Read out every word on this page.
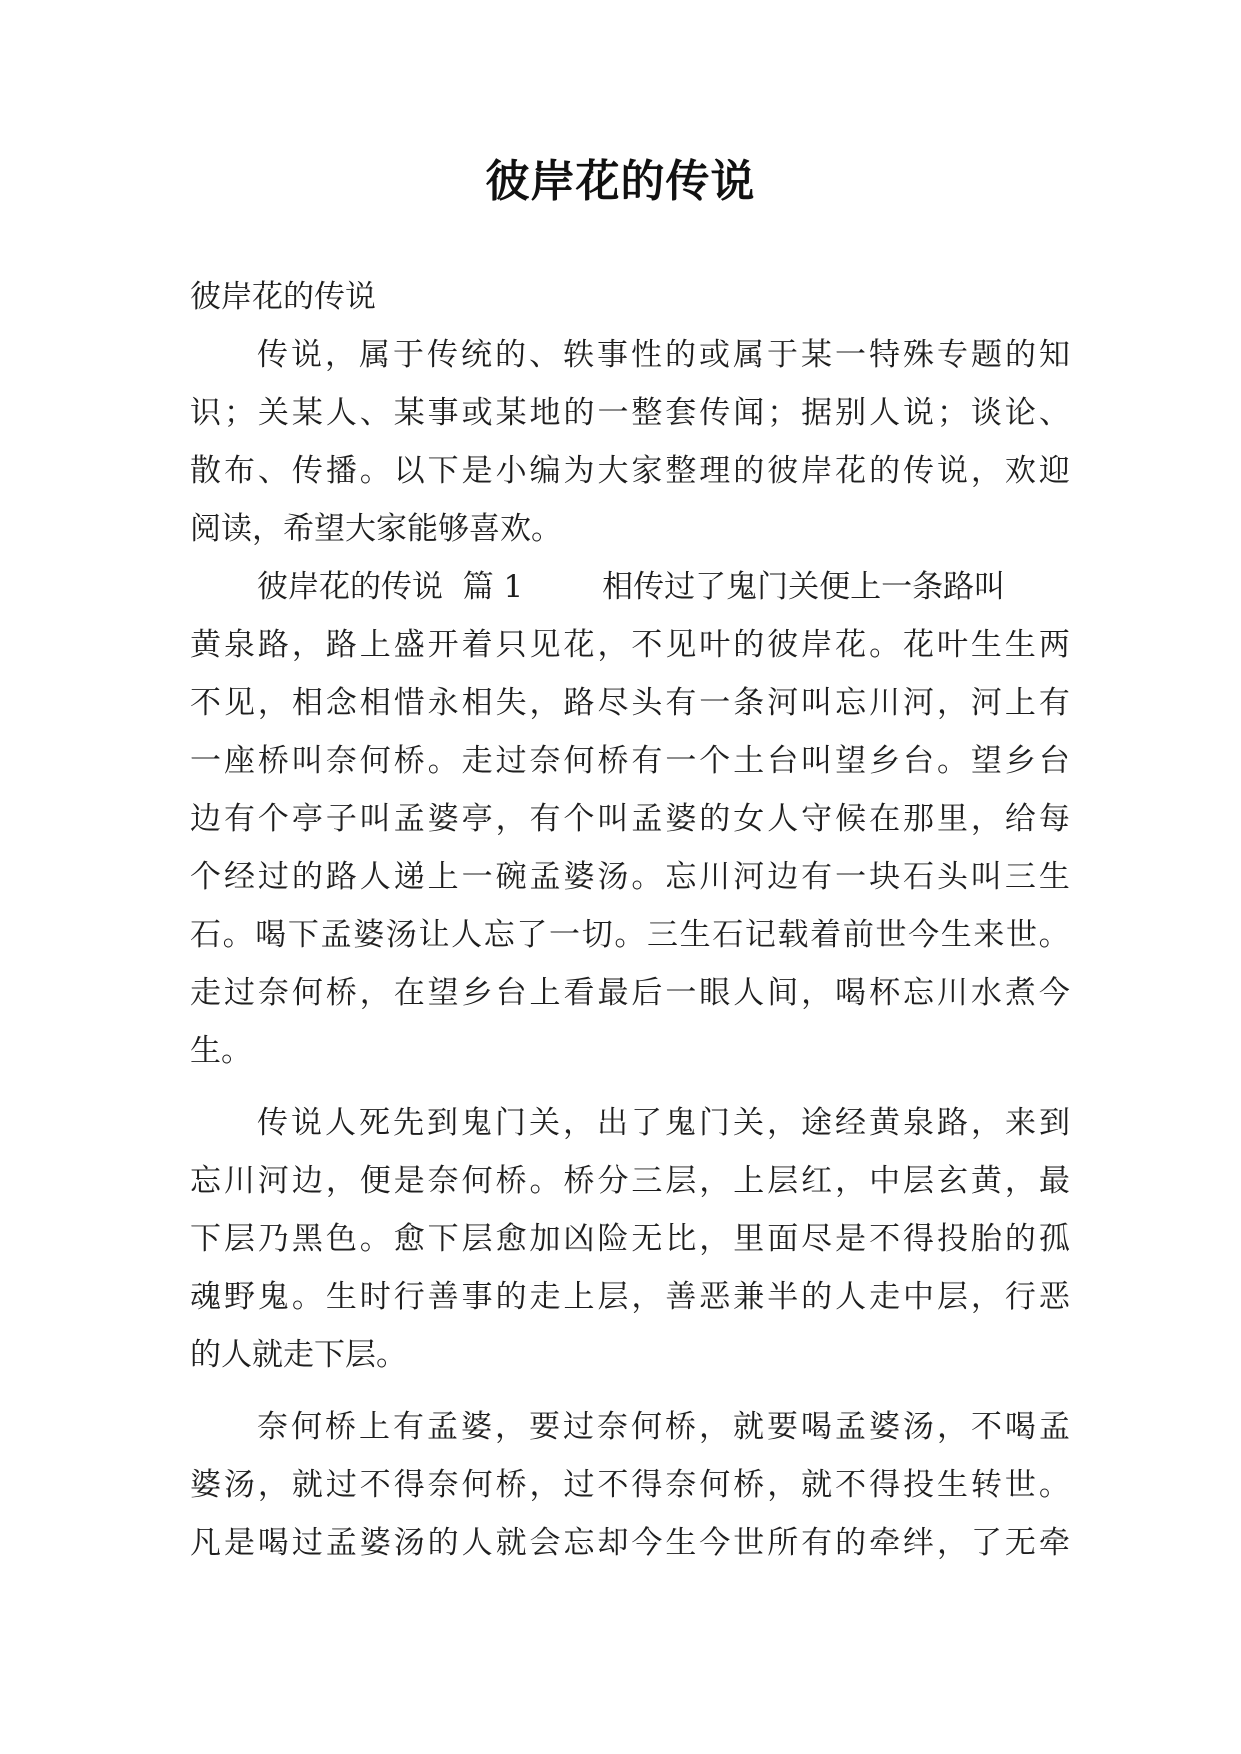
彼岸花的传说
彼岸花的传说
传 说 ， 属 于 传 统 的 、 轶 事 性 的 或 属 于 某 一 特 殊 专 题 的 知
识 ； 关 某 人 、 某 事 或 某 地 的 一 整 套 传 闻 ； 据 别 人 说 ； 谈 论 、
散 布 、 传 播 。 以 下 是 小 编 为 大 家 整 理 的 彼 岸 花 的 传 说 ， 欢 迎
阅读，希望大家能够喜欢。
彼岸花的传说  篇 1        相传过了鬼门关便上一条路叫
黄 泉 路 ， 路 上 盛 开 着 只 见 花 ， 不 见 叶 的 彼 岸 花 。 花 叶 生 生 两
不 见 ， 相 念 相 惜 永 相 失 ， 路 尽 头 有 一 条 河 叫 忘 川 河 ， 河 上 有
一 座 桥 叫 奈 何 桥 。 走 过 奈 何 桥 有 一 个 土 台 叫 望 乡 台 。 望 乡 台
边 有 个 亭 子 叫 孟 婆 亭 ， 有 个 叫 孟 婆 的 女 人 守 候 在 那 里 ， 给 每
个 经 过 的 路 人 递 上 一 碗 孟 婆 汤 。 忘 川 河 边 有 一 块 石 头 叫 三 生
石 。 喝 下 孟 婆 汤 让 人 忘 了 一 切 。 三 生 石 记 载 着 前 世 今 生 来 世 。
走 过 奈 何 桥 ， 在 望 乡 台 上 看 最 后 一 眼 人 间 ， 喝 杯 忘 川 水 煮 今
生。
传 说 人 死 先 到 鬼 门 关 ， 出 了 鬼 门 关 ， 途 经 黄 泉 路 ， 来 到
忘 川 河 边 ， 便 是 奈 何 桥 。 桥 分 三 层 ， 上 层 红 ， 中 层 玄 黄 ， 最
下 层 乃 黑 色 。 愈 下 层 愈 加 凶 险 无 比 ， 里 面 尽 是 不 得 投 胎 的 孤
魂 野 鬼 。 生 时 行 善 事 的 走 上 层 ， 善 恶 兼 半 的 人 走 中 层 ， 行 恶
的人就走下层。
奈 何 桥 上 有 孟 婆 ， 要 过 奈 何 桥 ， 就 要 喝 孟 婆 汤 ， 不 喝 孟
婆 汤 ， 就 过 不 得 奈 何 桥 ， 过 不 得 奈 何 桥 ， 就 不 得 投 生 转 世 。
凡 是 喝 过 孟 婆 汤 的 人 就 会 忘 却 今 生 今 世 所 有 的 牵 绊 ， 了 无 牵
